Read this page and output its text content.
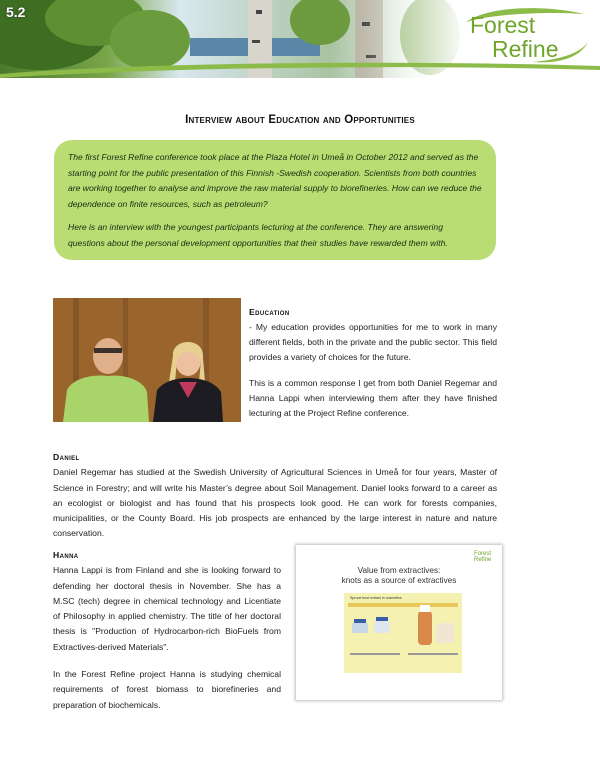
5.2	Forest
Refine
Interview about Education and Opportunities

The first Forest Refine conference took place at the Plaza Hotel in Umeå in October 2012 and served as the starting point for the public presentation of this Finnish -Swedish cooperation. Scientists from both countries are working together to analyse and improve the raw material supply to biorefineries. How can we reduce the dependence on finite resources, such as petroleum?

Here is an interview with the youngest participants lecturing at the conference. They are answering questions about the personal development opportunities that their studies have rewarded them with.

Education

- My education provides opportunities for me to work in many different fields, both in the private and the public sector. This field provides a variety of choices for the future.

This is a common response I get from both Daniel Regemar and Hanna Lappi when interviewing them after they have finished lecturing at the Project Refine conference.

Daniel

Daniel Regemar has studied at the Swedish University of Agricultural Sciences in Umeå for four years, Master of Science in Forestry; and will write his Master’s degree about Soil Management. Daniel looks forward to a career as an ecologist or biologist and has found that his prospects look good. He can work for forests companies, municipalities, or the County Board. His job prospects are enhanced by the large interest in nature and nature conservation.

Hanna

Hanna Lappi is from Finland and she is looking forward to defending her doctoral thesis in November. She has a M.SC (tech) degree in chemical technology and Licentiate of Philosophy in applied chemistry. The title of her doctoral thesis is "Production of Hydrocarbon-rich BioFuels from Extractives-derived Materials".

In the Forest Refine project Hanna is studying chemical requirements of forest biomass to biorefineries and preparation of biochemicals.

Forest
Refine
Value from extractives:
knots as a source of extractives
Spruce knot extract in cosmetics
